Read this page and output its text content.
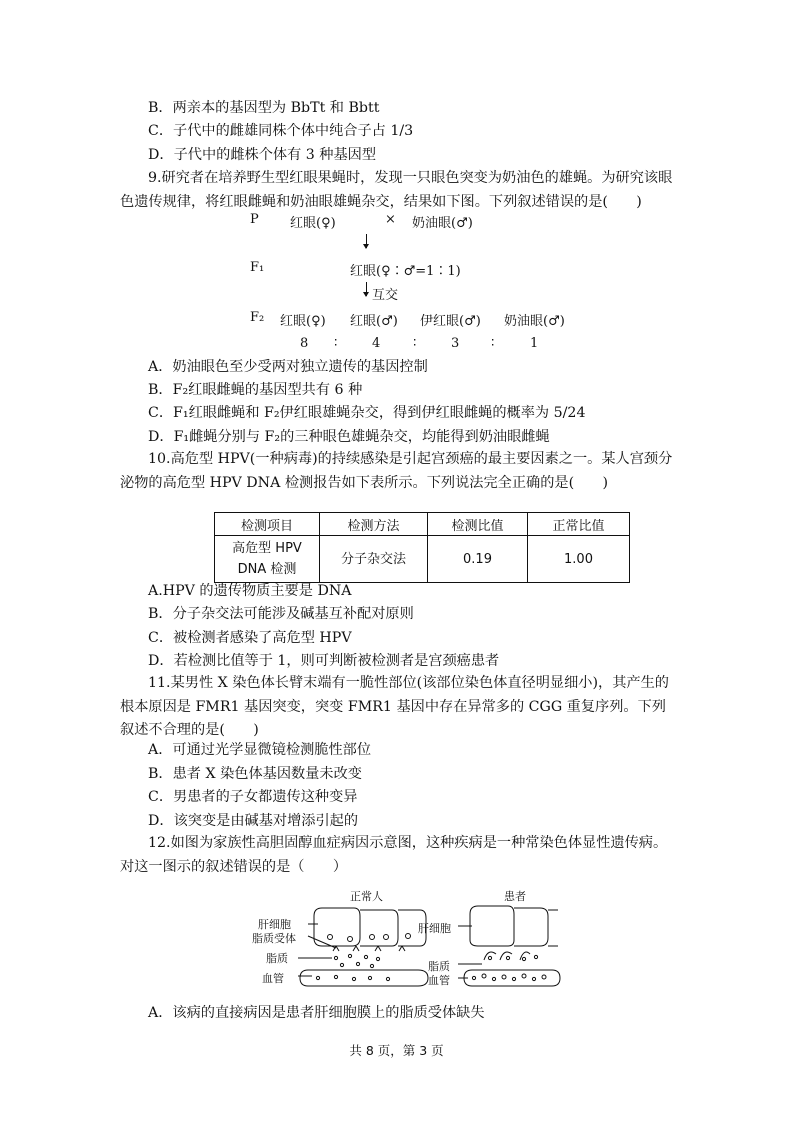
B．两亲本的基因型为 BbTt 和 Bbtt
C．子代中的雌雄同株个体中纯合子占 1/3
D．子代中的雌株个体有 3 种基因型
9.研究者在培养野生型红眼果蝇时，发现一只眼色突变为奶油色的雄蝇。为研究该眼色遗传规律，将红眼雌蝇和奶油眼雄蝇杂交，结果如下图。下列叙述错误的是(　　)
P 红眼(♀)	× 奶油眼(♂)
F₁	红眼(♀∶♂=1∶1)
互交
F₂ 红眼(♀) 红眼(♂) 伊红眼(♂) 奶油眼(♂)
8 ∶	4	∶	3 ∶	1
A．奶油眼色至少受两对独立遗传的基因控制
B．F₂红眼雌蝇的基因型共有 6 种
C．F₁红眼雌蝇和 F₂伊红眼雄蝇杂交，得到伊红眼雌蝇的概率为 5/24
D．F₁雌蝇分别与 F₂的三种眼色雄蝇杂交，均能得到奶油眼雌蝇
10.高危型 HPV(一种病毒)的持续感染是引起宫颈癌的最主要因素之一。某人宫颈分泌物的高危型 HPV DNA 检测报告如下表所示。下列说法完全正确的是(　　)
检测项目	检测方法	检测比值	正常比值
高危型 HPV
DNA 检测	分子杂交法	0.19	1.00
A.HPV 的遗传物质主要是 DNA
B．分子杂交法可能涉及碱基互补配对原则
C．被检测者感染了高危型 HPV
D．若检测比值等于 1，则可判断被检测者是宫颈癌患者
11.某男性 X 染色体长臂末端有一脆性部位(该部位染色体直径明显细小)，其产生的根本原因是 FMR1 基因突变，突变 FMR1 基因中存在异常多的 CGG 重复序列。下列叙述不合理的是(　　)
A．可通过光学显微镜检测脆性部位
B．患者 X 染色体基因数量未改变
C．男患者的子女都遗传这种变异
D．该突变是由碱基对增添引起的
12.如图为家族性高胆固醇血症病因示意图，这种疾病是一种常染色体显性遗传病。对这一图示的叙述错误的是（　　）
正常人	患者
肝细胞
脂质受体
脂质
血管
肝细胞
脂质
血管
A．该病的直接病因是患者肝细胞膜上的脂质受体缺失
共 8 页，第 3 页
